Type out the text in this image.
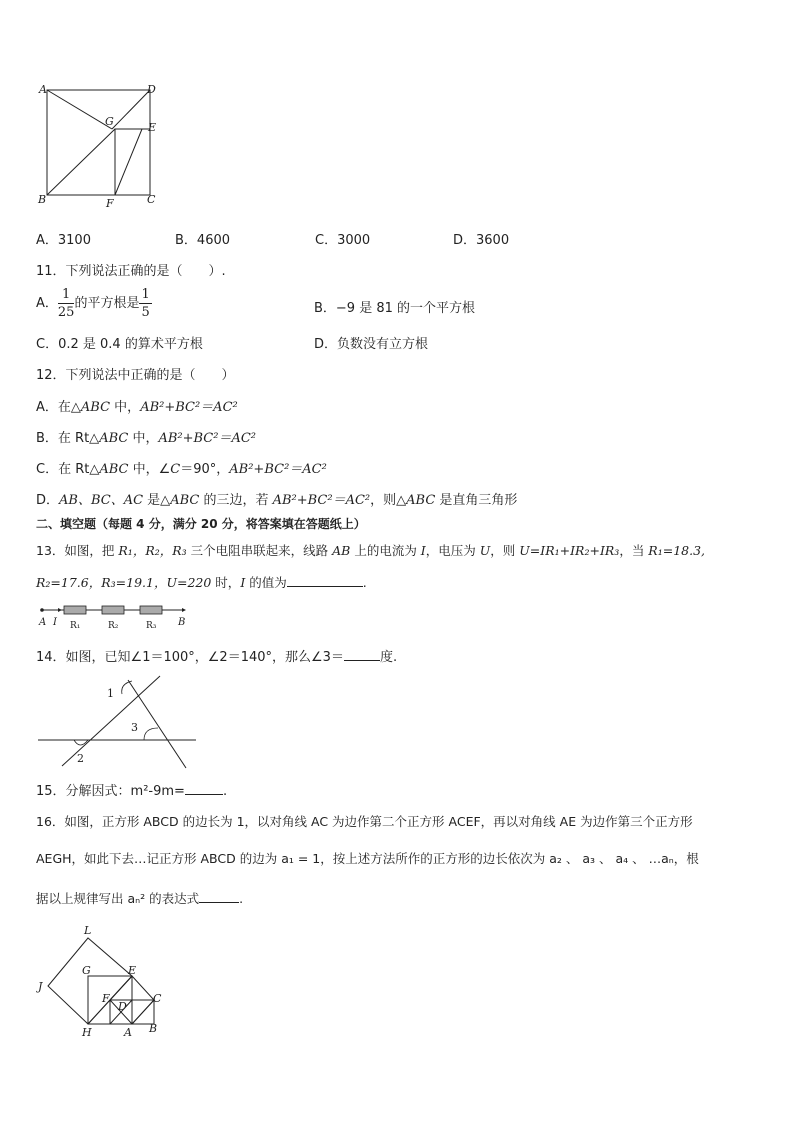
A	D
G	E
B	F	C
A．3100	B．4600	C．3000	D．3600
11．下列说法正确的是（　　）.
A． $\frac{1}{25}$ 的平方根是 $\frac{1}{5}$	B．−9 是 81 的一个平方根
C．0.2 是 0.4 的算术平方根	D．负数没有立方根
12．下列说法中正确的是（　　）
A．在△ABC 中，AB²+BC²＝AC²
B．在 Rt△ABC 中，AB²+BC²＝AC²
C．在 Rt△ABC 中，∠C＝90°，AB²+BC²＝AC²
D．AB、BC、AC 是△ABC 的三边，若 AB²+BC²＝AC²，则△ABC 是直角三角形
二、填空题（每题 4 分，满分 20 分，将答案填在答题纸上）
13．如图，把 R₁，R₂，R₃ 三个电阻串联起来，线路 AB 上的电流为 I，电压为 U，则 U=IR₁+IR₂+IR₃，当 R₁=18.3,
R₂=17.6，R₃=19.1，U=220 时，I 的值为	.
A I R₁	R₂	R₃ B
14．如图，已知∠1＝100°，∠2＝140°，那么∠3＝	度.
1
3
2
15．分解因式：m²-9m=	.
16．如图，正方形 ABCD 的边长为 1，以对角线 AC 为边作第二个正方形 ACEF，再以对角线 AE 为边作第三个正方形
AEGH，如此下去…记正方形 ABCD 的边为 a₁ = 1，按上述方法所作的正方形的边长依次为 a₂ 、 a₃ 、 a₄ 、 …aₙ，根
据以上规律写出 aₙ² 的表达式	.
L
J
G	E
F
D
C
H	A B
